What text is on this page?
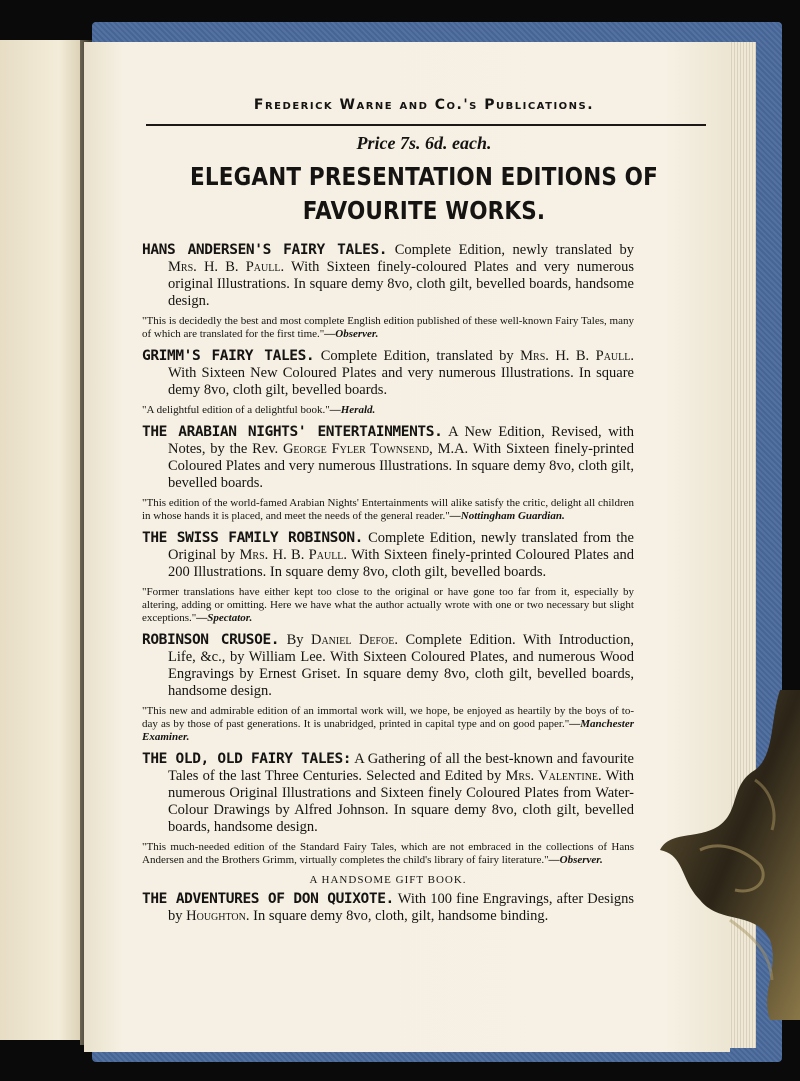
Frederick Warne and Co.'s Publications.
Price 7s. 6d. each.
ELEGANT PRESENTATION EDITIONS OF
FAVOURITE WORKS.
HANS ANDERSEN'S FAIRY TALES. Complete Edition, newly translated by Mrs. H. B. Paull. With Sixteen finely-coloured Plates and very numerous original Illustrations. In square demy 8vo, cloth gilt, bevelled boards, handsome design.
"This is decidedly the best and most complete English edition published of these well-known Fairy Tales, many of which are translated for the first time."—Observer.
GRIMM'S FAIRY TALES. Complete Edition, translated by Mrs. H. B. Paull. With Sixteen New Coloured Plates and very numerous Illustrations. In square demy 8vo, cloth gilt, bevelled boards.
"A delightful edition of a delightful book."—Herald.
THE ARABIAN NIGHTS' ENTERTAINMENTS. A New Edition, Revised, with Notes, by the Rev. George Fyler Townsend, M.A. With Sixteen finely-printed Coloured Plates and very numerous Illustrations. In square demy 8vo, cloth gilt, bevelled boards.
"This edition of the world-famed Arabian Nights' Entertainments will alike satisfy the critic, delight all children in whose hands it is placed, and meet the needs of the general reader."—Nottingham Guardian.
THE SWISS FAMILY ROBINSON. Complete Edition, newly translated from the Original by Mrs. H. B. Paull. With Sixteen finely-printed Coloured Plates and 200 Illustrations. In square demy 8vo, cloth gilt, bevelled boards.
"Former translations have either kept too close to the original or have gone too far from it, especially by altering, adding or omitting. Here we have what the author actually wrote with one or two necessary but slight exceptions."—Spectator.
ROBINSON CRUSOE. By Daniel Defoe. Complete Edition. With Introduction, Life, &c., by William Lee. With Sixteen Coloured Plates, and numerous Wood Engravings by Ernest Griset. In square demy 8vo, cloth gilt, bevelled boards, handsome design.
"This new and admirable edition of an immortal work will, we hope, be enjoyed as heartily by the boys of to-day as by those of past generations. It is unabridged, printed in capital type and on good paper."—Manchester Examiner.
THE OLD, OLD FAIRY TALES: A Gathering of all the best-known and favourite Tales of the last Three Centuries. Selected and Edited by Mrs. Valentine. With numerous Original Illustrations and Sixteen finely Coloured Plates from Water-Colour Drawings by Alfred Johnson. In square demy 8vo, cloth gilt, bevelled boards, handsome design.
"This much-needed edition of the Standard Fairy Tales, which are not embraced in the collections of Hans Andersen and the Brothers Grimm, virtually completes the child's library of fairy literature."—Observer.
A HANDSOME GIFT BOOK.
THE ADVENTURES OF DON QUIXOTE. With 100 fine Engravings, after Designs by Houghton. In square demy 8vo, cloth, gilt, handsome binding.
